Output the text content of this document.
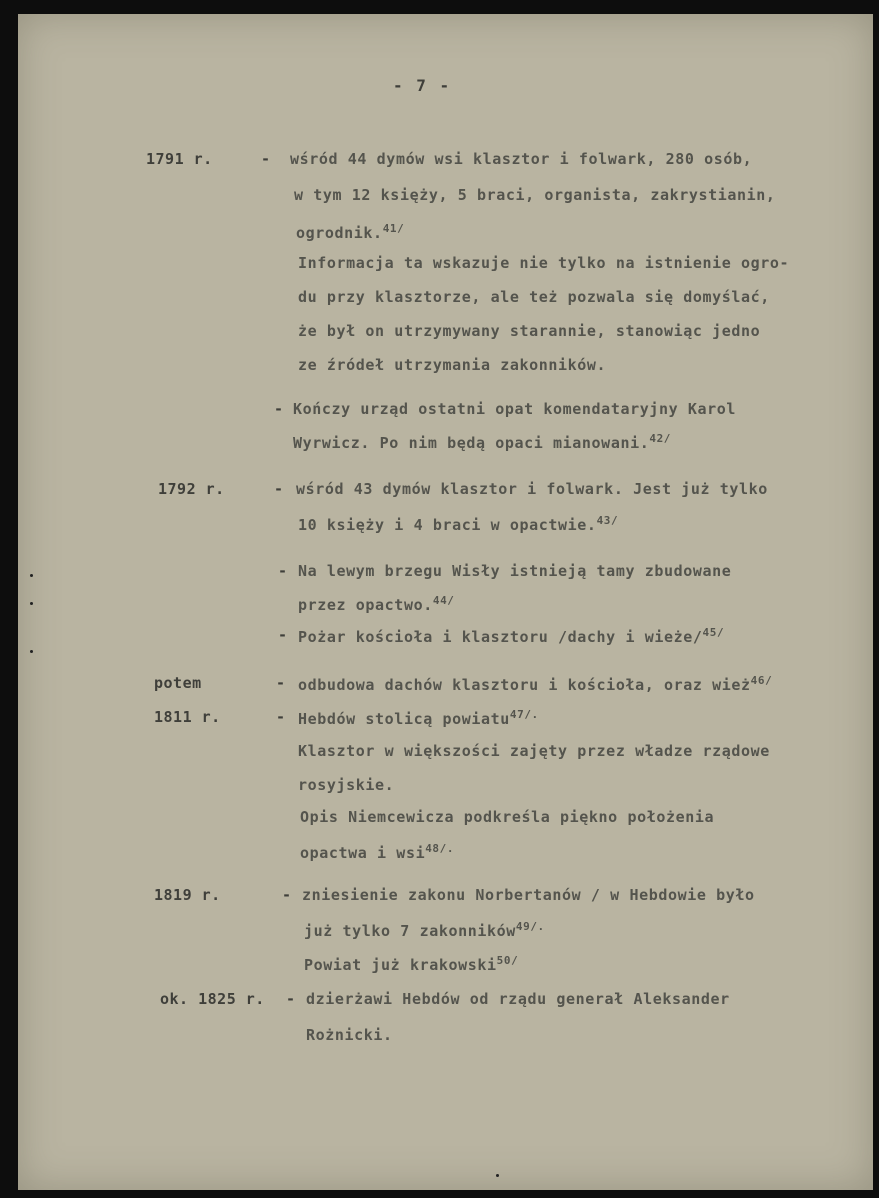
- 7 -
1791 r.	- wśród 44 dymów wsi klasztor i folwark, 280 osób,
w tym 12 księży, 5 braci, organista, zakrystianin,
ogrodnik.$^{41/}$
Informacja ta wskazuje nie tylko na istnienie ogro-
du przy klasztorze, ale też pozwala się domyślać,
że był on utrzymywany starannie, stanowiąc jedno
ze źródeł utrzymania zakonników.
- Kończy urząd ostatni opat komendataryjny Karol
Wyrwicz. Po nim będą opaci mianowani.$^{42/}$
1792 r.	- wśród 43 dymów klasztor i folwark. Jest już tylko
10 księży i 4 braci w opactwie.$^{43/}$
- Na lewym brzegu Wisły istnieją tamy zbudowane
przez opactwo.$^{44/}$
- Pożar kościoła i klasztoru /dachy i wieże/$^{45/}$
potem	- odbudowa dachów klasztoru i kościoła, oraz wież$^{46/}$
1811 r.	- Hebdów stolicą powiatu$^{47/.}$
Klasztor w większości zajęty przez władze rządowe
rosyjskie.
Opis Niemcewicza podkreśla piękno położenia
opactwa i wsi$^{48/.}$
1819 r.	- zniesienie zakonu Norbertanów / w Hebdowie było
już tylko 7 zakonników$^{49/.}$
Powiat już krakowski$^{50/}$
ok. 1825 r. - dzierżawi Hebdów od rządu generał Aleksander
Rożnicki.
